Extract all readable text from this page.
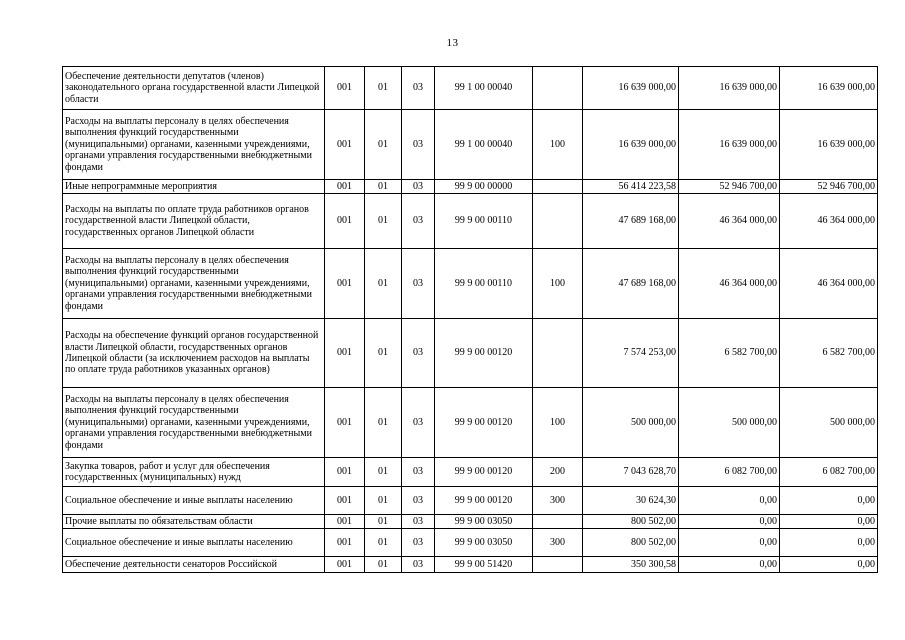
13
Обеспечение деятельности депутатов (членов) законодательного органа государственной власти Липецкой области	001	01	03	99 1 00 00040		16 639 000,00	16 639 000,00	16 639 000,00
Расходы на выплаты персоналу в целях обеспечения выполнения функций государственными (муниципальными) органами, казенными учреждениями, органами управления государственными внебюджетными фондами	001	01	03	99 1 00 00040	100	16 639 000,00	16 639 000,00	16 639 000,00
Иные непрограммные мероприятия	001	01	03	99 9 00 00000		56 414 223,58	52 946 700,00	52 946 700,00
Расходы на выплаты по оплате труда работников органов государственной власти Липецкой области, государственных органов Липецкой области	001	01	03	99 9 00 00110		47 689 168,00	46 364 000,00	46 364 000,00
Расходы на выплаты персоналу в целях обеспечения выполнения функций государственными (муниципальными) органами, казенными учреждениями, органами управления государственными внебюджетными фондами	001	01	03	99 9 00 00110	100	47 689 168,00	46 364 000,00	46 364 000,00
Расходы на обеспечение функций органов государственной власти Липецкой области, государственных органов Липецкой области (за исключением расходов на выплаты по оплате труда работников указанных органов)	001	01	03	99 9 00 00120		7 574 253,00	6 582 700,00	6 582 700,00
Расходы на выплаты персоналу в целях обеспечения выполнения функций государственными (муниципальными) органами, казенными учреждениями, органами управления государственными внебюджетными фондами	001	01	03	99 9 00 00120	100	500 000,00	500 000,00	500 000,00
Закупка товаров, работ и услуг для обеспечения государственных (муниципальных) нужд	001	01	03	99 9 00 00120	200	7 043 628,70	6 082 700,00	6 082 700,00
Социальное обеспечение и иные выплаты населению	001	01	03	99 9 00 00120	300	30 624,30	0,00	0,00
Прочие выплаты по обязательствам области	001	01	03	99 9 00 03050		800 502,00	0,00	0,00
Социальное обеспечение и иные выплаты населению	001	01	03	99 9 00 03050	300	800 502,00	0,00	0,00
Обеспечение деятельности сенаторов Российской	001	01	03	99 9 00 51420		350 300,58	0,00	0,00
